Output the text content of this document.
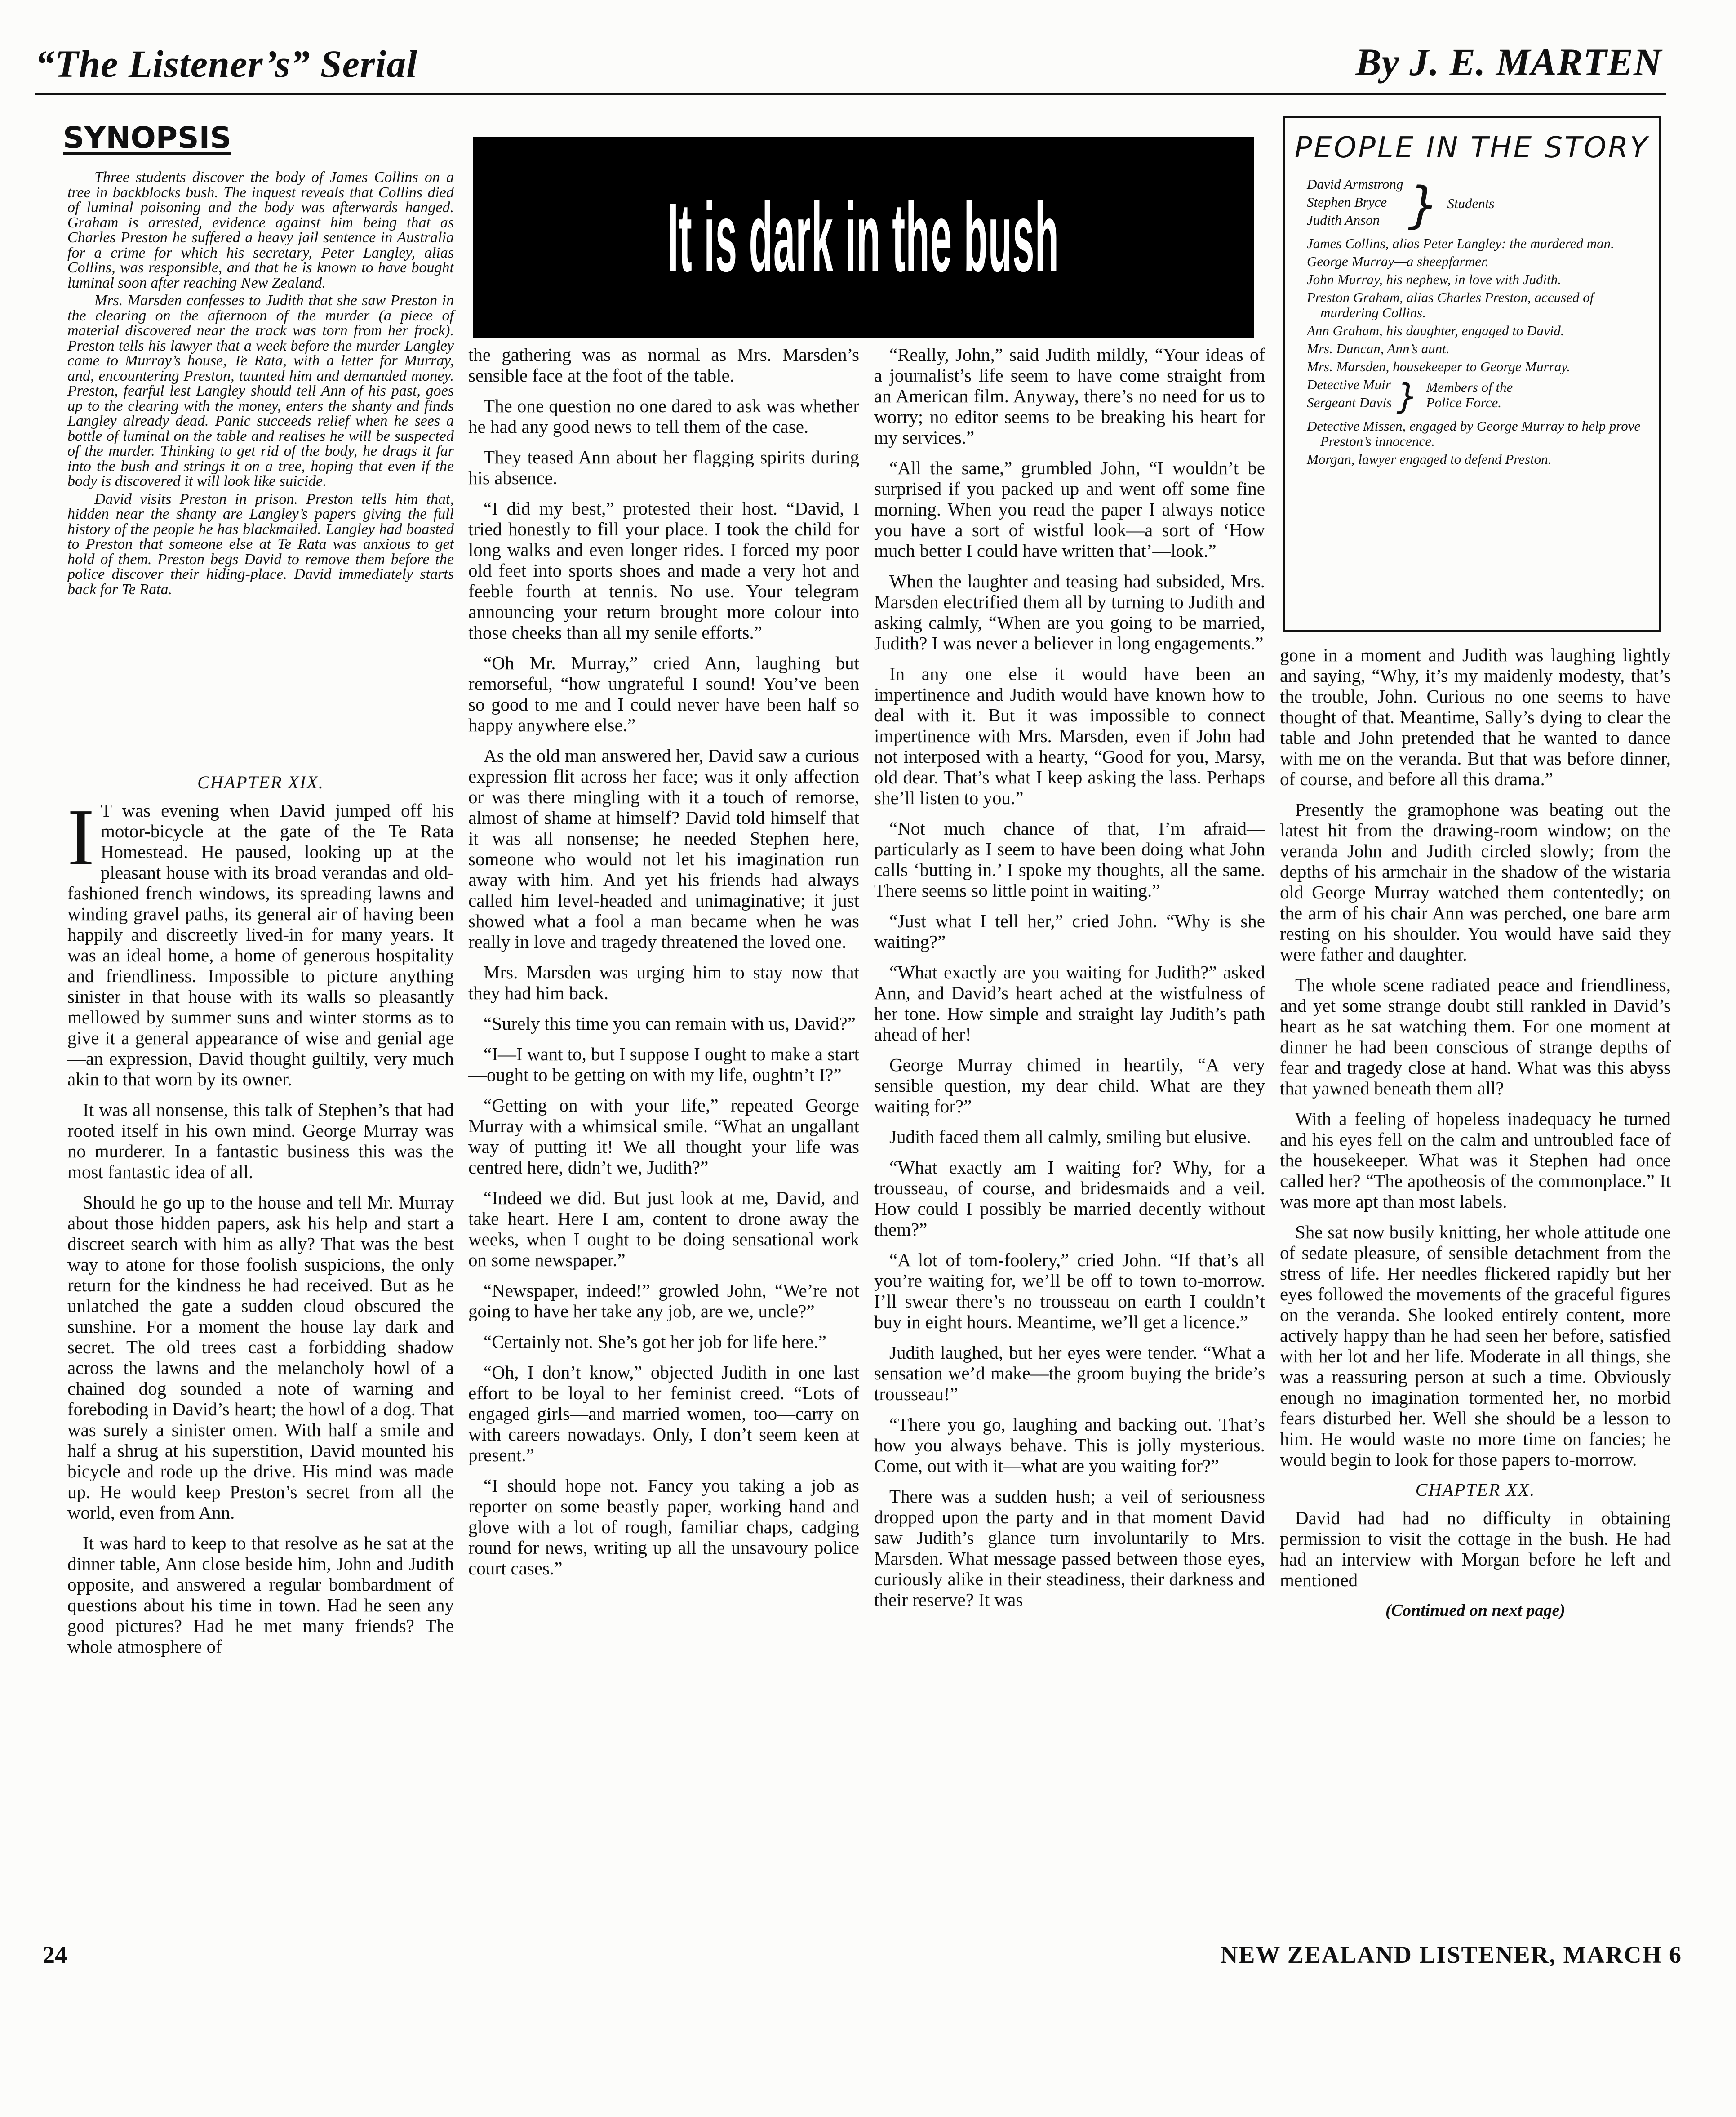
“The Listener’s” Serial	By J. E. MARTEN
SYNOPSIS

Three students discover the body of James Collins on a tree in backblocks bush. The inquest reveals that Collins died of luminal poisoning and the body was afterwards hanged. Graham is arrested, evidence against him being that as Charles Preston he suffered a heavy jail sentence in Australia for a crime for which his secretary, Peter Langley, alias Collins, was responsible, and that he is known to have bought luminal soon after reaching New Zealand.

Mrs. Marsden confesses to Judith that she saw Preston in the clearing on the afternoon of the murder (a piece of material discovered near the track was torn from her frock). Preston tells his lawyer that a week before the murder Langley came to Murray’s house, Te Rata, with a letter for Murray, and, encountering Preston, taunted him and demanded money. Preston, fearful lest Langley should tell Ann of his past, goes up to the clearing with the money, enters the shanty and finds Langley already dead. Panic succeeds relief when he sees a bottle of luminal on the table and realises he will be suspected of the murder. Thinking to get rid of the body, he drags it far into the bush and strings it on a tree, hoping that even if the body is discovered it will look like suicide.

David visits Preston in prison. Preston tells him that, hidden near the shanty are Langley’s papers giving the full history of the people he has blackmailed. Langley had boasted to Preston that someone else at Te Rata was anxious to get hold of them. Preston begs David to remove them before the police discover their hiding-place. David immediately starts back for Te Rata.

CHAPTER XIX.

I T was evening when David jumped off his motor-bicycle at the gate of the Te Rata Homestead. He paused, looking up at the pleasant house with its broad verandas and old-fashioned french windows, its spreading lawns and winding gravel paths, its general air of having been happily and discreetly lived-in for many years. It was an ideal home, a home of generous hospitality and friendliness. Impossible to picture anything sinister in that house with its walls so pleasantly mellowed by summer suns and winter storms as to give it a general appearance of wise and genial age—an expression, David thought guiltily, very much akin to that worn by its owner.

It was all nonsense, this talk of Stephen’s that had rooted itself in his own mind. George Murray was no murderer. In a fantastic business this was the most fantastic idea of all.

Should he go up to the house and tell Mr. Murray about those hidden papers, ask his help and start a discreet search with him as ally? That was the best way to atone for those foolish suspicions, the only return for the kindness he had received. But as he unlatched the gate a sudden cloud obscured the sunshine. For a moment the house lay dark and secret. The old trees cast a forbidding shadow across the lawns and the melancholy howl of a chained dog sounded a note of warning and foreboding in David’s heart; the howl of a dog. That was surely a sinister omen. With half a smile and half a shrug at his superstition, David mounted his bicycle and rode up the drive. His mind was made up. He would keep Preston’s secret from all the world, even from Ann.

It was hard to keep to that resolve as he sat at the dinner table, Ann close beside him, John and Judith opposite, and answered a regular bombardment of questions about his time in town. Had he seen any good pictures? Had he met many friends? The whole atmosphere of

It is dark in the bush
PEOPLE IN THE STORY
David Armstrong
Stephen Bryce
Judith Anson } Students
James Collins, alias Peter Langley: the murdered man.
George Murray—a sheepfarmer.
John Murray, his nephew, in love with Judith.
Preston Graham, alias Charles Preston, accused of murdering Collins.
Ann Graham, his daughter, engaged to David.
Mrs. Duncan, Ann’s aunt.
Mrs. Marsden, housekeeper to George Murray.
Detective Muir
Sergeant Davis } Members of the Police Force.
Detective Missen, engaged by George Murray to help prove Preston’s innocence.
Morgan, lawyer engaged to defend Preston.

the gathering was as normal as Mrs. Marsden’s sensible face at the foot of the table.

The one question no one dared to ask was whether he had any good news to tell them of the case.

They teased Ann about her flagging spirits during his absence.

“I did my best,” protested their host. “David, I tried honestly to fill your place. I took the child for long walks and even longer rides. I forced my poor old feet into sports shoes and made a very hot and feeble fourth at tennis. No use. Your telegram announcing your return brought more colour into those cheeks than all my senile efforts.”

“Oh Mr. Murray,” cried Ann, laughing but remorseful, “how ungrateful I sound! You’ve been so good to me and I could never have been half so happy anywhere else.”

As the old man answered her, David saw a curious expression flit across her face; was it only affection or was there mingling with it a touch of remorse, almost of shame at himself? David told himself that it was all nonsense; he needed Stephen here, someone who would not let his imagination run away with him. And yet his friends had always called him level-headed and unimaginative; it just showed what a fool a man became when he was really in love and tragedy threatened the loved one.

Mrs. Marsden was urging him to stay now that they had him back.

“Surely this time you can remain with us, David?”

“I—I want to, but I suppose I ought to make a start—ought to be getting on with my life, oughtn’t I?”

“Getting on with your life,” repeated George Murray with a whimsical smile. “What an ungallant way of putting it! We all thought your life was centred here, didn’t we, Judith?”

“Indeed we did. But just look at me, David, and take heart. Here I am, content to drone away the weeks, when I ought to be doing sensational work on some newspaper.”

“Newspaper, indeed!” growled John, “We’re not going to have her take any job, are we, uncle?”

“Certainly not. She’s got her job for life here.”

“Oh, I don’t know,” objected Judith in one last effort to be loyal to her feminist creed. “Lots of engaged girls—and married women, too—carry on with careers nowadays. Only, I don’t seem keen at present.”

“I should hope not. Fancy you taking a job as reporter on some beastly paper, working hand and glove with a lot of rough, familiar chaps, cadging round for news, writing up all the unsavoury police court cases.”

“Really, John,” said Judith mildly, “Your ideas of a journalist’s life seem to have come straight from an American film. Anyway, there’s no need for us to worry; no editor seems to be breaking his heart for my services.”

“All the same,” grumbled John, “I wouldn’t be surprised if you packed up and went off some fine morning. When you read the paper I always notice you have a sort of wistful look—a sort of ‘How much better I could have written that’—look.”

When the laughter and teasing had subsided, Mrs. Marsden electrified them all by turning to Judith and asking calmly, “When are you going to be married, Judith? I was never a believer in long engagements.”

In any one else it would have been an impertinence and Judith would have known how to deal with it. But it was impossible to connect impertinence with Mrs. Marsden, even if John had not interposed with a hearty, “Good for you, Marsy, old dear. That’s what I keep asking the lass. Perhaps she’ll listen to you.”

“Not much chance of that, I’m afraid—particularly as I seem to have been doing what John calls ‘butting in.’ I spoke my thoughts, all the same. There seems so little point in waiting.”

“Just what I tell her,” cried John. “Why is she waiting?”

“What exactly are you waiting for Judith?” asked Ann, and David’s heart ached at the wistfulness of her tone. How simple and straight lay Judith’s path ahead of her!

George Murray chimed in heartily, “A very sensible question, my dear child. What are they waiting for?”

Judith faced them all calmly, smiling but elusive.

“What exactly am I waiting for? Why, for a trousseau, of course, and bridesmaids and a veil. How could I possibly be married decently without them?”

“A lot of tom-foolery,” cried John. “If that’s all you’re waiting for, we’ll be off to town to-morrow. I’ll swear there’s no trousseau on earth I couldn’t buy in eight hours. Meantime, we’ll get a licence.”

Judith laughed, but her eyes were tender. “What a sensation we’d make—the groom buying the bride’s trousseau!”

“There you go, laughing and backing out. That’s how you always behave. This is jolly mysterious. Come, out with it—what are you waiting for?”

There was a sudden hush; a veil of seriousness dropped upon the party and in that moment David saw Judith’s glance turn involuntarily to Mrs. Marsden. What message passed between those eyes, curiously alike in their steadiness, their darkness and their reserve? It was

gone in a moment and Judith was laughing lightly and saying, “Why, it’s my maidenly modesty, that’s the trouble, John. Curious no one seems to have thought of that. Meantime, Sally’s dying to clear the table and John pretended that he wanted to dance with me on the veranda. But that was before dinner, of course, and before all this drama.”

Presently the gramophone was beating out the latest hit from the drawing-room window; on the veranda John and Judith circled slowly; from the depths of his armchair in the shadow of the wistaria old George Murray watched them contentedly; on the arm of his chair Ann was perched, one bare arm resting on his shoulder. You would have said they were father and daughter.

The whole scene radiated peace and friendliness, and yet some strange doubt still rankled in David’s heart as he sat watching them. For one moment at dinner he had been conscious of strange depths of fear and tragedy close at hand. What was this abyss that yawned beneath them all?

With a feeling of hopeless inadequacy he turned and his eyes fell on the calm and untroubled face of the housekeeper. What was it Stephen had once called her? “The apotheosis of the commonplace.” It was more apt than most labels.

She sat now busily knitting, her whole attitude one of sedate pleasure, of sensible detachment from the stress of life. Her needles flickered rapidly but her eyes followed the movements of the graceful figures on the veranda. She looked entirely content, more actively happy than he had seen her before, satisfied with her lot and her life. Moderate in all things, she was a reassuring person at such a time. Obviously enough no imagination tormented her, no morbid fears disturbed her. Well she should be a lesson to him. He would waste no more time on fancies; he would begin to look for those papers to-morrow.

CHAPTER XX.

David had had no difficulty in obtaining permission to visit the cottage in the bush. He had had an interview with Morgan before he left and mentioned

(Continued on next page)
24	NEW ZEALAND LISTENER, MARCH 6
